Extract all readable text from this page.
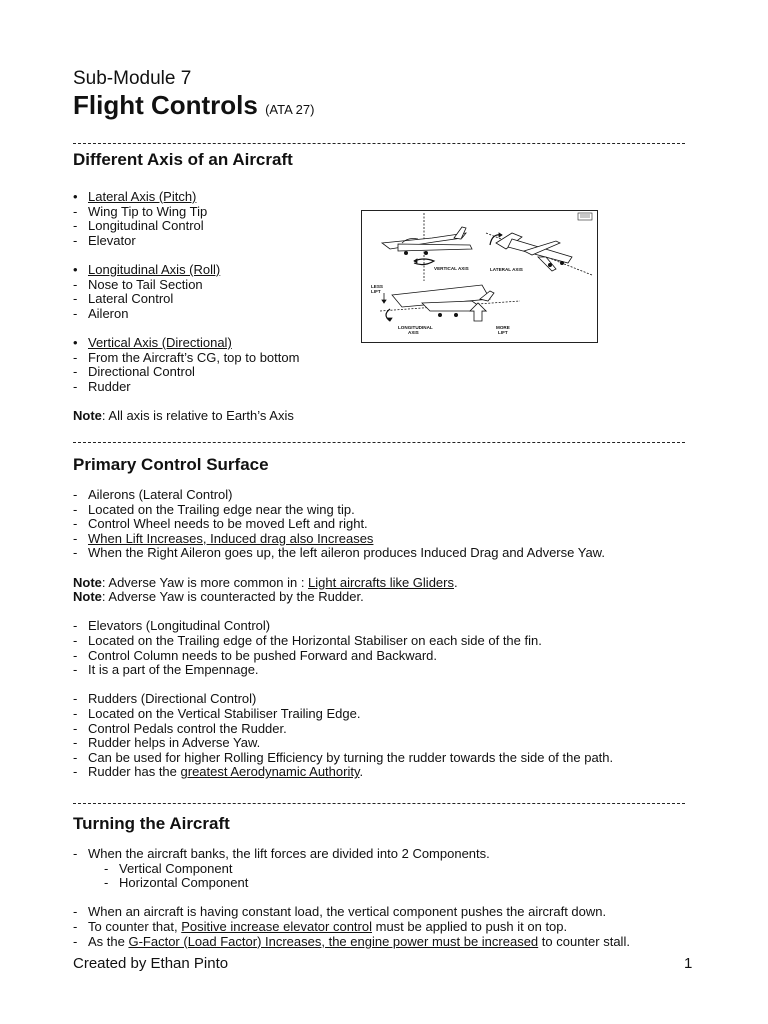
Sub-Module 7
Flight Controls (ATA 27)
Different Axis of an Aircraft
• Lateral Axis (Pitch)
- Wing Tip to Wing Tip
- Longitudinal Control
- Elevator
• Longitudinal Axis (Roll)
- Nose to Tail Section
- Lateral Control
- Aileron
• Vertical Axis (Directional)
- From the Aircraft’s CG, top to bottom
- Directional Control
- Rudder
Note: All axis is relative to Earth’s Axis
VERTICAL AXIS	LATERAL AXIS
LESS
LIFT
LONGITUDINAL
AXIS
MORE
LIFT
Primary Control Surface
- Ailerons (Lateral Control)
- Located on the Trailing edge near the wing tip.
- Control Wheel needs to be moved Left and right.
- When Lift Increases, Induced drag also Increases
- When the Right Aileron goes up, the left aileron produces Induced Drag and Adverse Yaw.
Note: Adverse Yaw is more common in : Light aircrafts like Gliders.
Note: Adverse Yaw is counteracted by the Rudder.
- Elevators (Longitudinal Control)
- Located on the Trailing edge of the Horizontal Stabiliser on each side of the fin.
- Control Column needs to be pushed Forward and Backward.
- It is a part of the Empennage.
- Rudders (Directional Control)
- Located on the Vertical Stabiliser Trailing Edge.
- Control Pedals control the Rudder.
- Rudder helps in Adverse Yaw.
- Can be used for higher Rolling Efficiency by turning the rudder towards the side of the path.
- Rudder has the greatest Aerodynamic Authority.
Turning the Aircraft
- When the aircraft banks, the lift forces are divided into 2 Components.
- Vertical Component
- Horizontal Component
- When an aircraft is having constant load, the vertical component pushes the aircraft down.
- To counter that, Positive increase elevator control must be applied to push it on top.
- As the G-Factor (Load Factor) Increases, the engine power must be increased to counter stall.
Created by Ethan Pinto	1
